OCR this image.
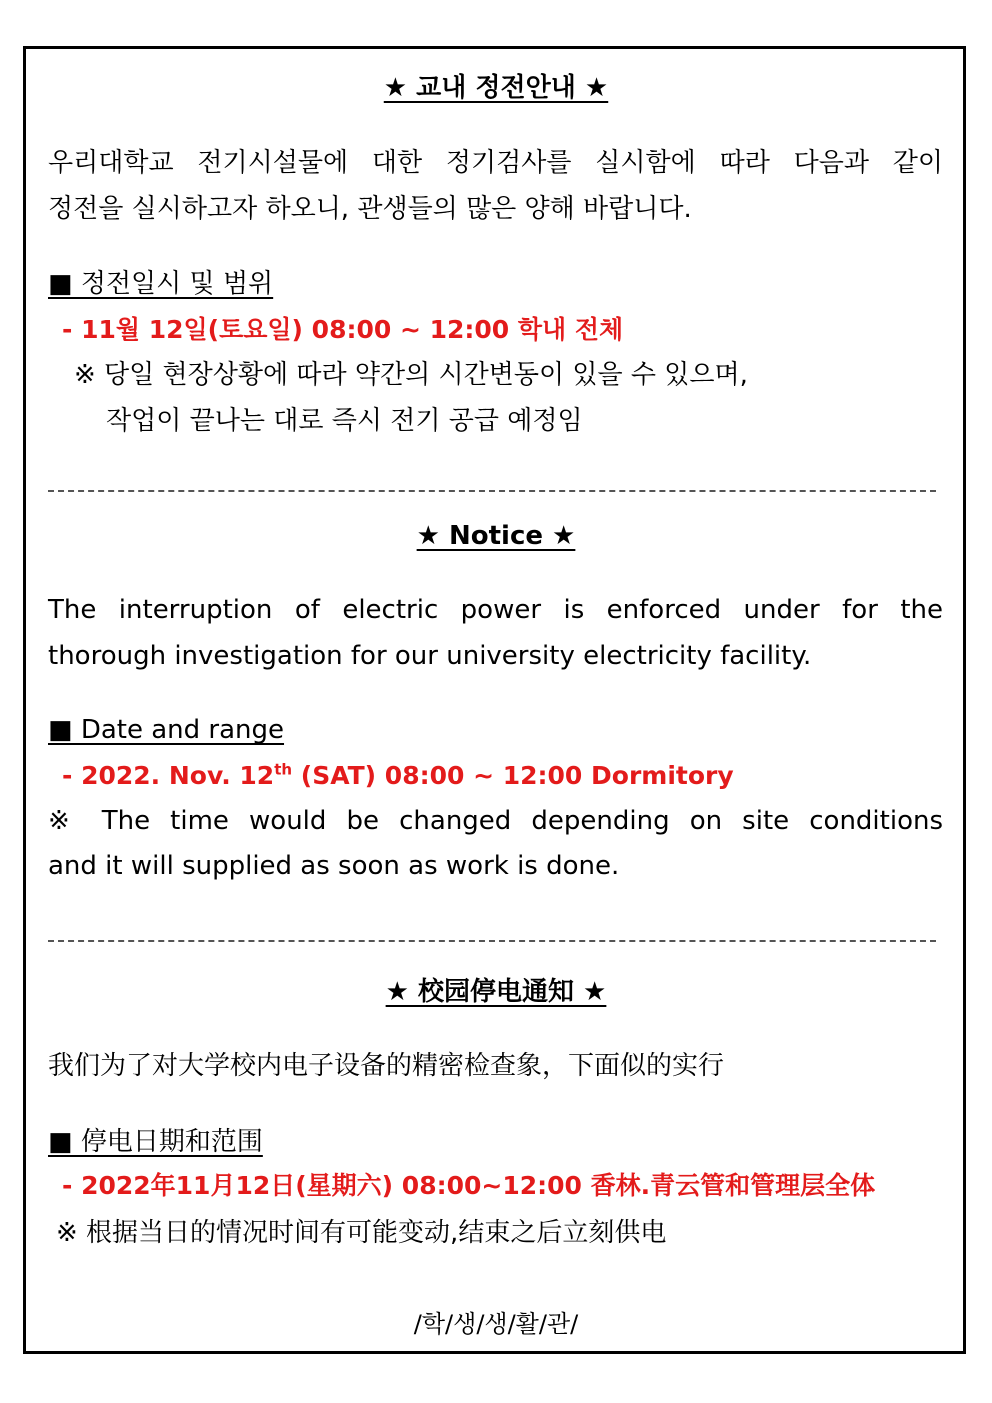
★ 교내 정전안내 ★
우리대학교 전기시설물에 대한 정기검사를 실시함에 따라 다음과 같이
정전을 실시하고자 하오니, 관생들의 많은 양해 바랍니다.
■ 정전일시 및 범위
- 11월 12일(토요일) 08:00 ~ 12:00 학내 전체
※ 당일 현장상황에 따라 약간의 시간변동이 있을 수 있으며,
작업이 끝나는 대로 즉시 전기 공급 예정임
★ Notice ★
The interruption of electric power is enforced under for the
thorough investigation for our university electricity facility.
■ Date and range
- 2022. Nov. 12th (SAT) 08:00 ~ 12:00 Dormitory
※ The time would be changed depending on site conditions
and it will supplied as soon as work is done.
★ 校园停电通知 ★
我们为了对大学校内电子设备的精密检查象，下面似的实行
■ 停电日期和范围
- 2022年11月12日(星期六) 08:00~12:00 香林.青云管和管理层全体
※ 根据当日的情况时间有可能变动,结束之后立刻供电
/학/생/생/활/관/
